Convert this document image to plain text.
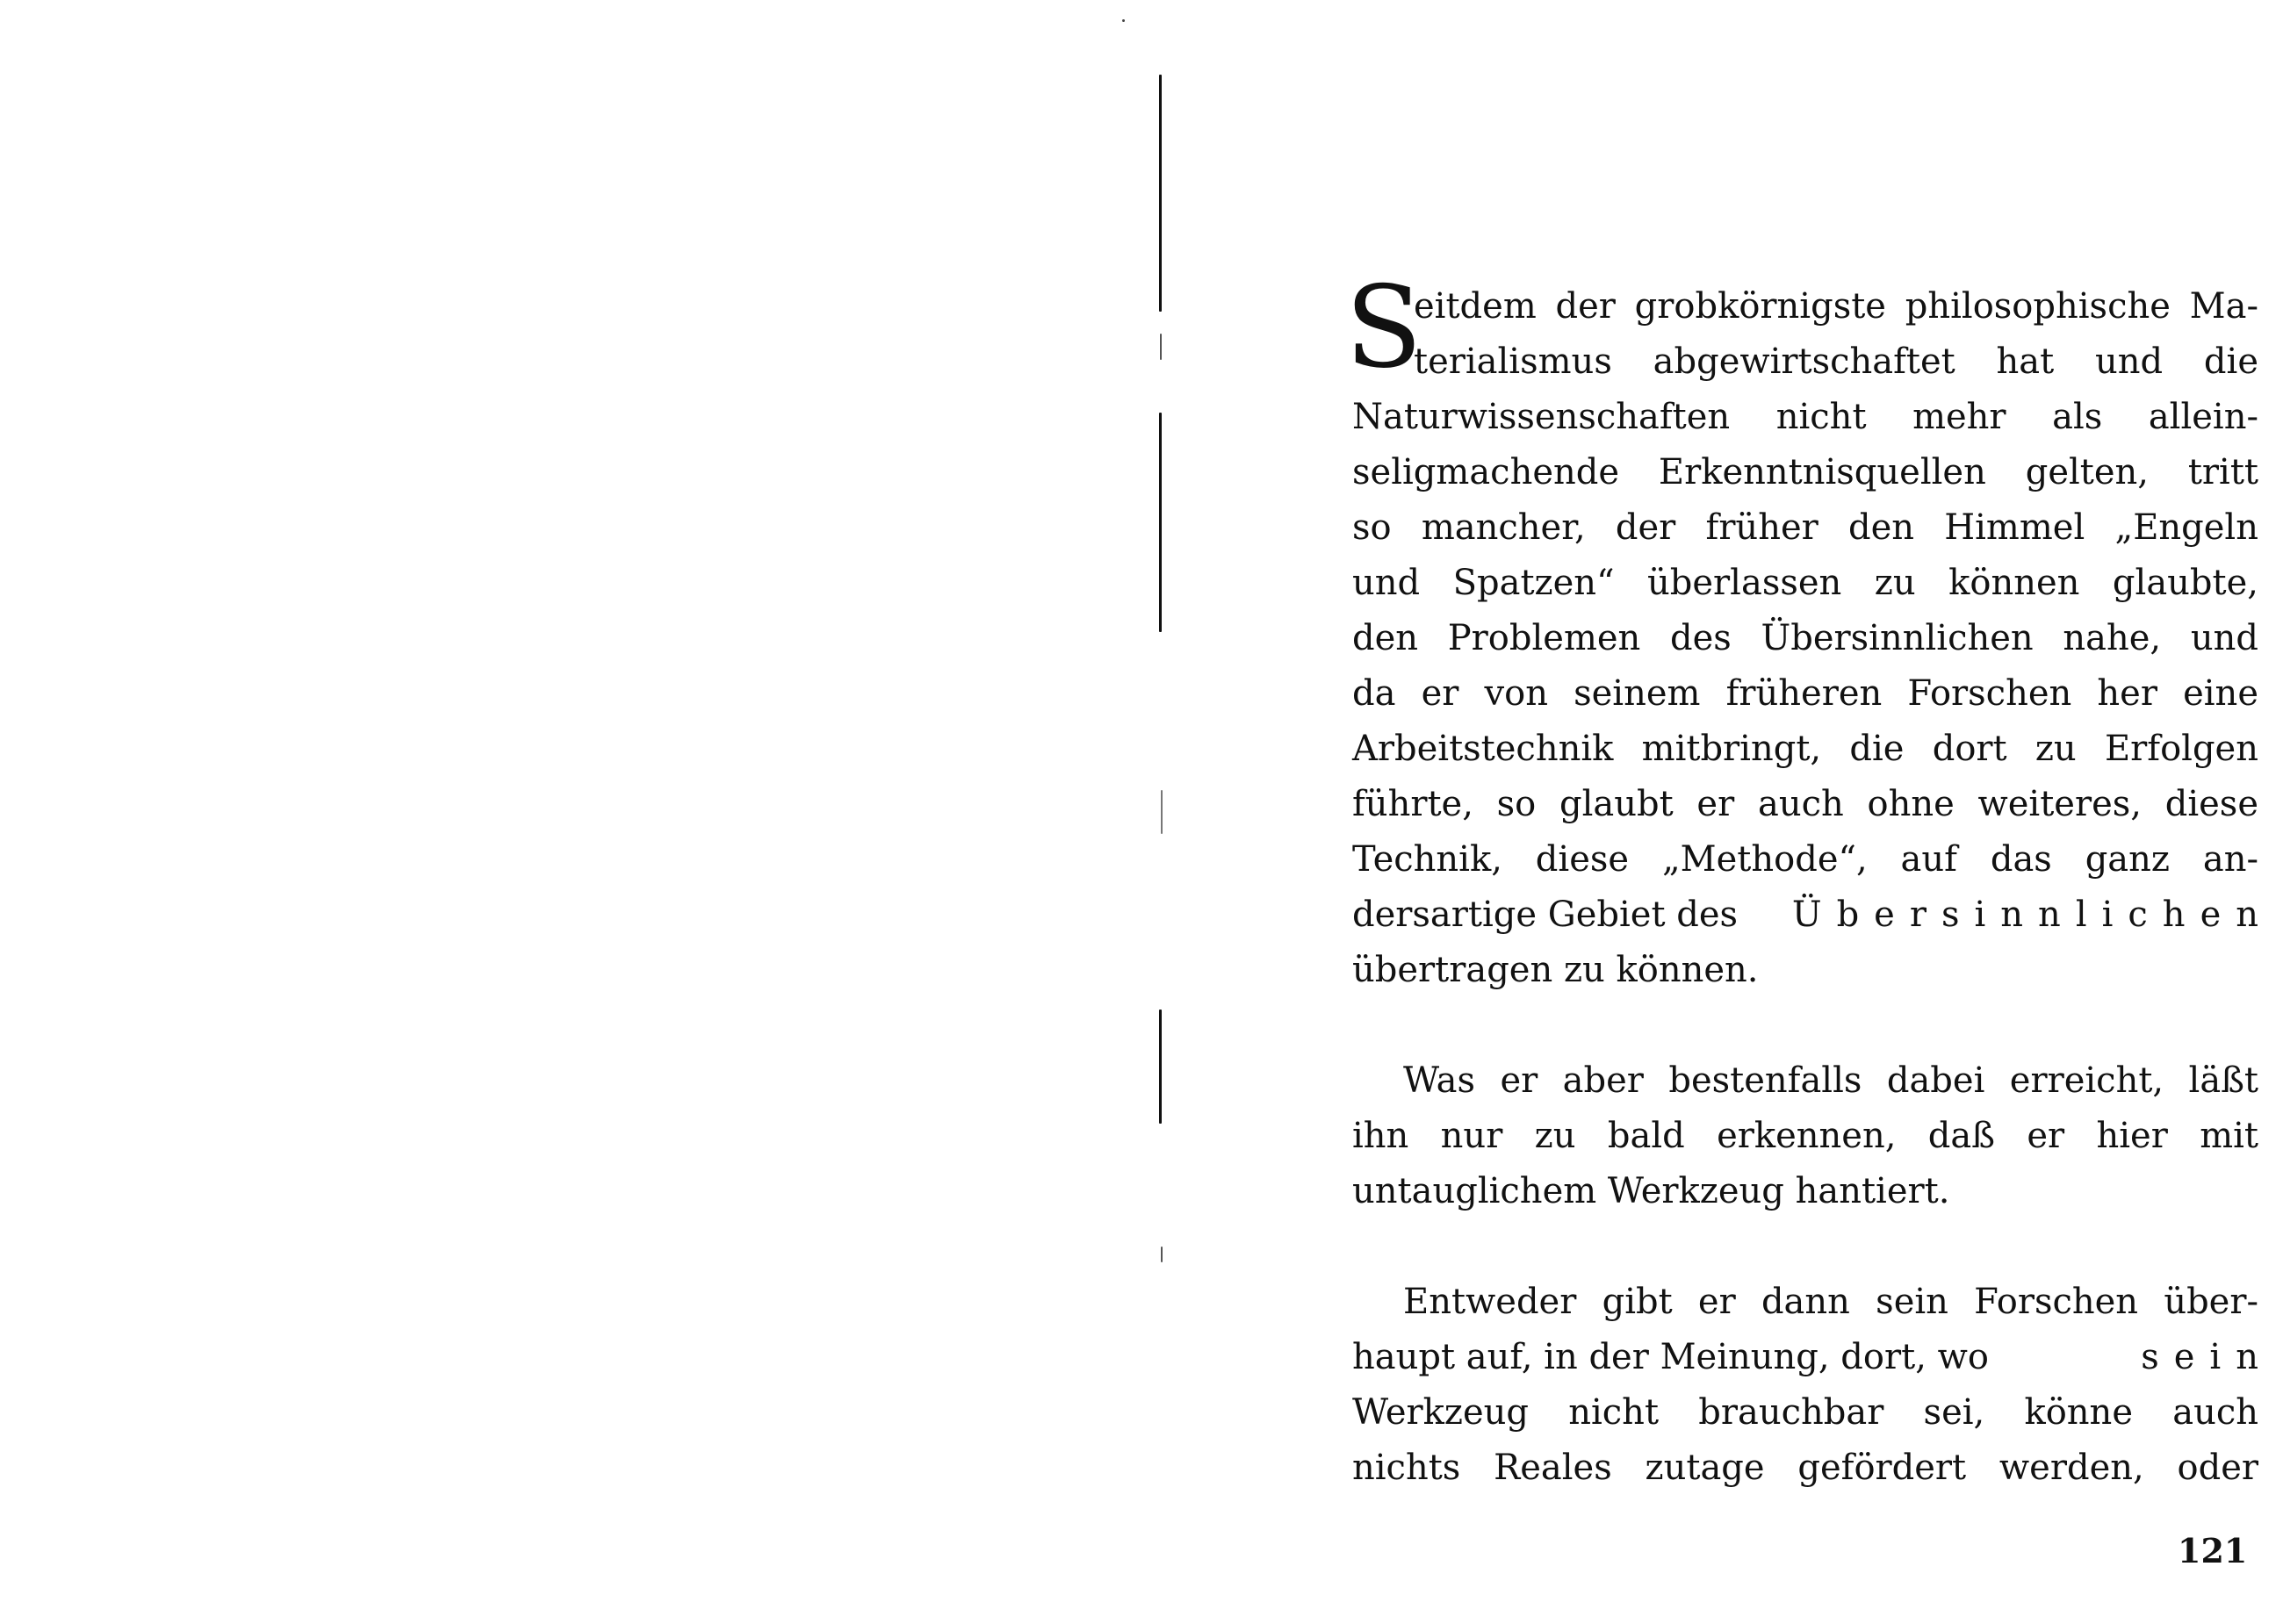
S
eitdem der grobkörnigste philosophische Ma-
terialismus abgewirtschaftet hat und die
Naturwissenschaften nicht mehr als allein-
seligmachende Erkenntnisquellen gelten, tritt
so mancher, der früher den Himmel „Engeln
und Spatzen“ überlassen zu können glaubte,
den Problemen des Übersinnlichen nahe, und
da er von seinem früheren Forschen her eine
Arbeitstechnik mitbringt, die dort zu Erfolgen
führte, so glaubt er auch ohne weiteres, diese
Technik, diese „Methode“, auf das ganz an-
dersartige Gebiet des Übersinnlichen
übertragen zu können.
Was er aber bestenfalls dabei erreicht, läßt
ihn nur zu bald erkennen, daß er hier mit
untauglichem Werkzeug hantiert.
Entweder gibt er dann sein Forschen über-
haupt auf, in der Meinung, dort, wo	sein
Werkzeug nicht brauchbar sei, könne auch
nichts Reales zutage gefördert werden, oder
121
